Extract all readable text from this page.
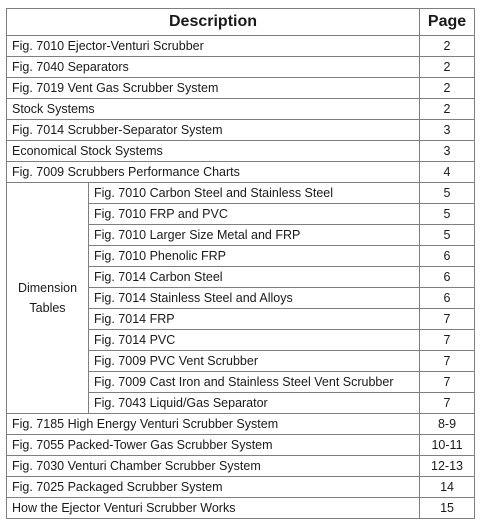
Description		Page
Fig. 7010 Ejector-Venturi Scrubber		2
Fig. 7040 Separators		2
Fig. 7019 Vent Gas Scrubber System		2
Stock Systems		2
Fig. 7014 Scrubber-Separator System		3
Economical Stock Systems		3
Fig. 7009 Scrubbers Performance Charts		4
Dimension
Tables	Fig. 7010 Carbon Steel and Stainless Steel	5
	Fig. 7010 FRP and PVC	5
	Fig. 7010 Larger Size Metal and FRP	5
	Fig. 7010 Phenolic FRP	6
	Fig. 7014 Carbon Steel	6
	Fig. 7014 Stainless Steel and Alloys	6
	Fig. 7014 FRP	7
	Fig. 7014 PVC	7
	Fig. 7009 PVC Vent Scrubber	7
	Fig. 7009 Cast Iron and Stainless Steel Vent Scrubber	7
	Fig. 7043 Liquid/Gas Separator	7
Fig. 7185 High Energy Venturi Scrubber System		8-9
Fig. 7055 Packed-Tower Gas Scrubber System		10-11
Fig. 7030 Venturi Chamber Scrubber System		12-13
Fig. 7025 Packaged Scrubber System		14
How the Ejector Venturi Scrubber Works		15
